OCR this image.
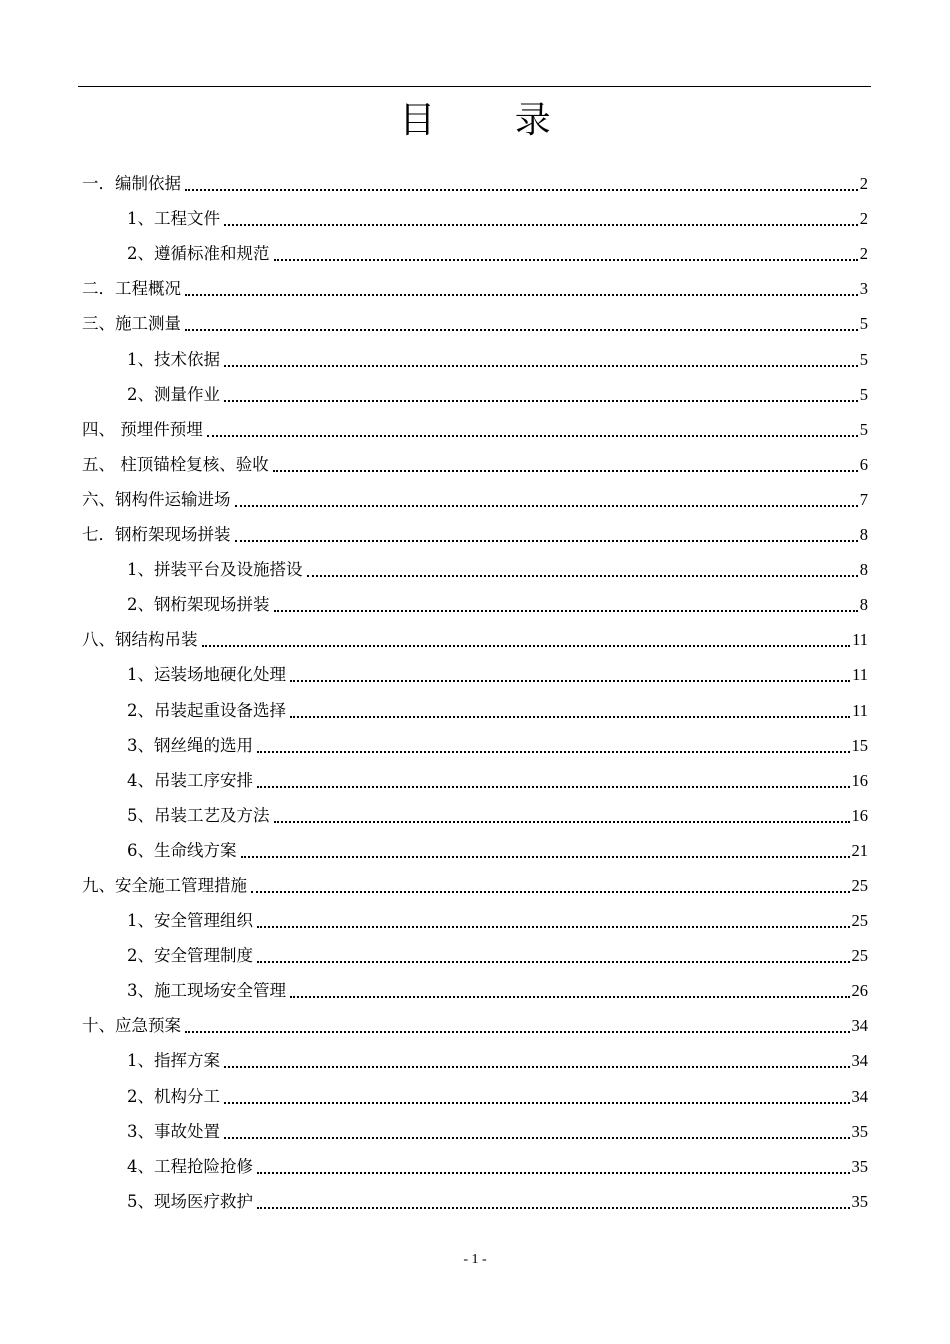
目 录
一．编制依据	2
1、工程文件	2
2、遵循标准和规范	2
二．工程概况	3
三、施工测量	5
1、技术依据	5
2、测量作业	5
四、 预埋件预埋	5
五、 柱顶锚栓复核、验收	6
六、钢构件运输进场	7
七．钢桁架现场拼装	8
1、拼装平台及设施搭设	8
2、钢桁架现场拼装	8
八、钢结构吊装	11
1、运装场地硬化处理	11
2、吊装起重设备选择	11
3、钢丝绳的选用	15
4、吊装工序安排	16
5、吊装工艺及方法	16
6、生命线方案	21
九、安全施工管理措施	25
1、安全管理组织	25
2、安全管理制度	25
3、施工现场安全管理	26
十、应急预案	34
1、指挥方案	34
2、机构分工	34
3、事故处置	35
4、工程抢险抢修	35
5、现场医疗救护	35
- 1 -
